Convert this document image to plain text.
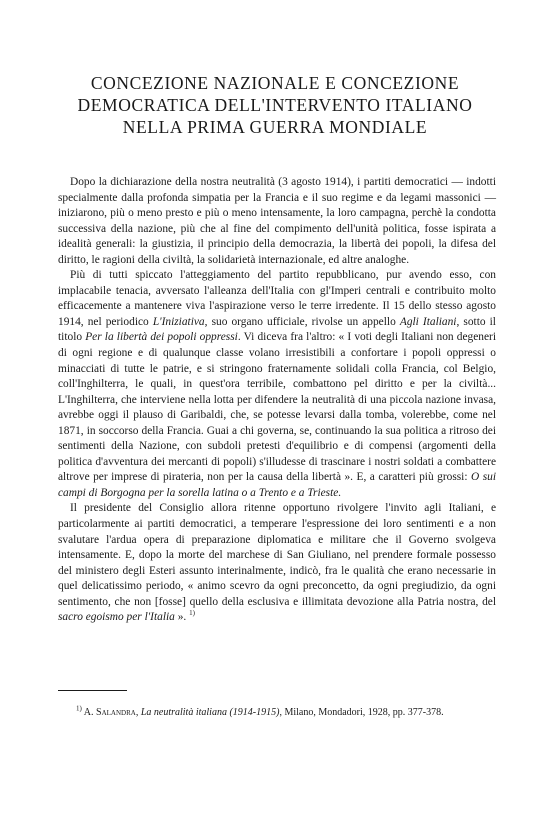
CONCEZIONE NAZIONALE E CONCEZIONE
DEMOCRATICA DELL'INTERVENTO ITALIANO
NELLA PRIMA GUERRA MONDIALE

Dopo la dichiarazione della nostra neutralità (3 agosto 1914), i partiti democratici — indotti specialmente dalla profonda simpatia per la Francia e il suo regime e da legami massonici — iniziarono, più o meno presto e più o meno intensamente, la loro campagna, perchè la condotta successiva della nazione, più che al fine del compimento dell'unità politica, fosse ispirata a idealità generali: la giustizia, il principio della democrazia, la libertà dei popoli, la difesa del diritto, le ragioni della civiltà, la solidarietà internazionale, ed altre analoghe.

Più di tutti spiccato l'atteggiamento del partito repubblicano, pur avendo esso, con implacabile tenacia, avversato l'alleanza dell'Italia con gl'Imperi centrali e contribuito molto efficacemente a mantenere viva l'aspirazione verso le terre irredente. Il 15 dello stesso agosto 1914, nel periodico L'Iniziativa, suo organo ufficiale, rivolse un appello Agli Italiani, sotto il titolo Per la libertà dei popoli oppressi. Vi diceva fra l'altro: « I voti degli Italiani non degeneri di ogni regione e di qualunque classe volano irresistibili a confortare i popoli oppressi o minacciati di tutte le patrie, e si stringono fraternamente solidali colla Francia, col Belgio, coll'Inghilterra, le quali, in quest'ora terribile, combattono pel diritto e per la civiltà... L'Inghilterra, che interviene nella lotta per difendere la neutralità di una piccola nazione invasa, avrebbe oggi il plauso di Garibaldi, che, se potesse levarsi dalla tomba, volerebbe, come nel 1871, in soccorso della Francia. Guai a chi governa, se, continuando la sua politica a ritroso dei sentimenti della Nazione, con subdoli pretesti d'equilibrio e di compensi (argomenti della politica d'avventura dei mercanti di popoli) s'illudesse di trascinare i nostri soldati a combattere altrove per imprese di pirateria, non per la causa della libertà ». E, a caratteri più grossi: O sui campi di Borgogna per la sorella latina o a Trento e a Trieste.

Il presidente del Consiglio allora ritenne opportuno rivolgere l'invito agli Italiani, e particolarmente ai partiti democratici, a temperare l'espressione dei loro sentimenti e a non svalutare l'ardua opera di preparazione diplomatica e militare che il Governo svolgeva intensamente. E, dopo la morte del marchese di San Giuliano, nel prendere formale possesso del ministero degli Esteri assunto interinalmente, indicò, fra le qualità che erano necessarie in quel delicatissimo periodo, « animo scevro da ogni preconcetto, da ogni pregiudizio, da ogni sentimento, che non [fosse] quello della esclusiva e illimitata devozione alla Patria nostra, del sacro egoismo per l'Italia ». $^{1)}$

$^{1)}$ A. Salandra, La neutralità italiana (1914-1915), Milano, Mondadori, 1928, pp. 377-378.
